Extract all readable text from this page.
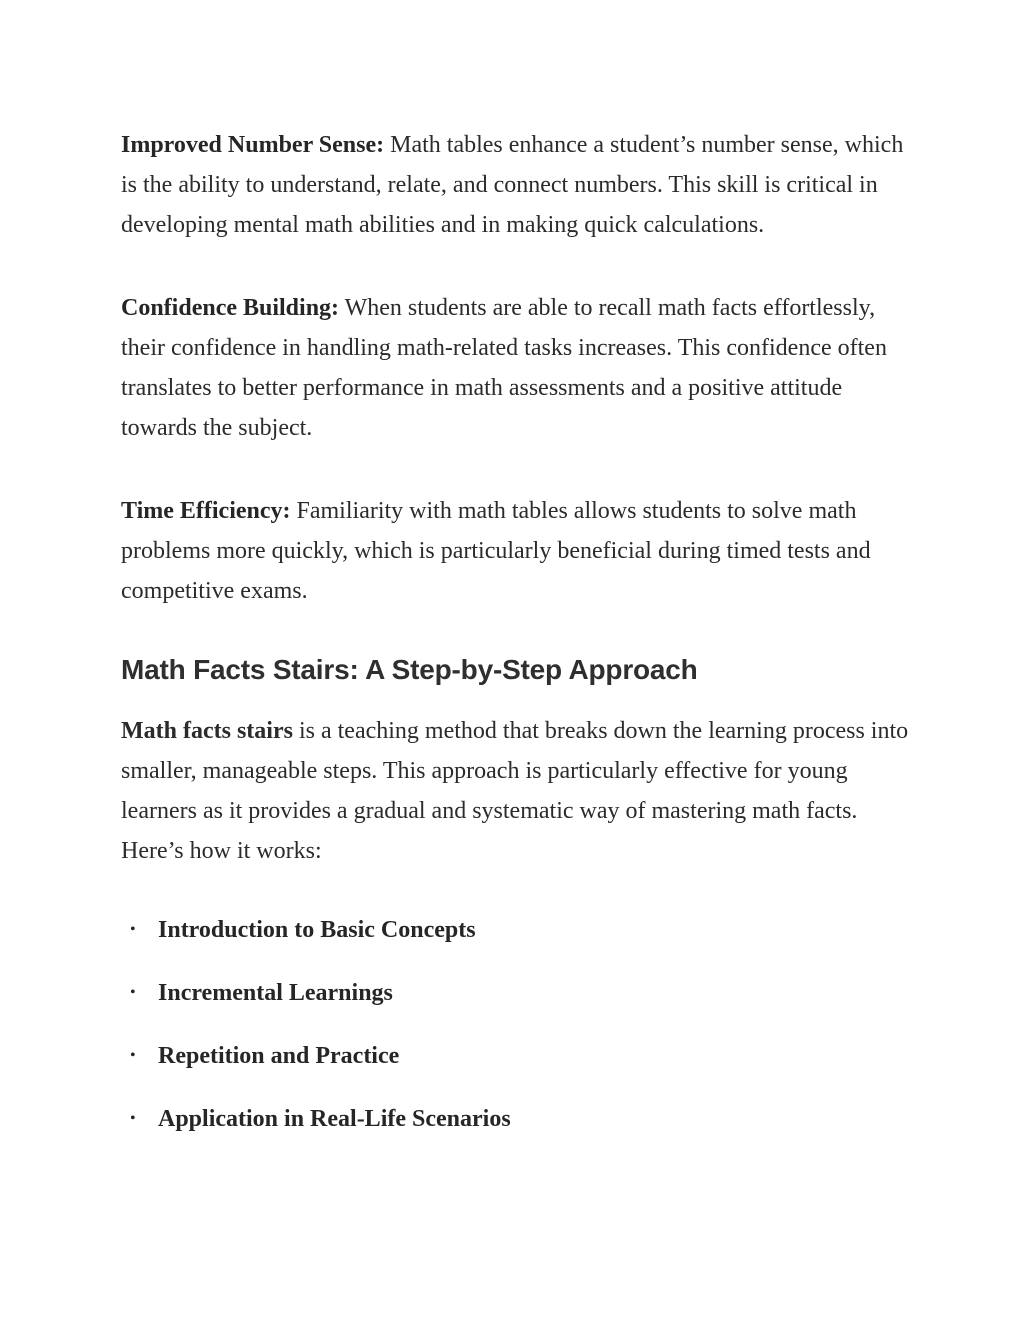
Improved Number Sense: Math tables enhance a student’s number sense, which is the ability to understand, relate, and connect numbers. This skill is critical in developing mental math abilities and in making quick calculations.

Confidence Building: When students are able to recall math facts effortlessly, their confidence in handling math-related tasks increases. This confidence often translates to better performance in math assessments and a positive attitude towards the subject.

Time Efficiency: Familiarity with math tables allows students to solve math problems more quickly, which is particularly beneficial during timed tests and competitive exams.

Math Facts Stairs: A Step-by-Step Approach

Math facts stairs is a teaching method that breaks down the learning process into smaller, manageable steps. This approach is particularly effective for young learners as it provides a gradual and systematic way of mastering math facts. Here’s how it works:

• Introduction to Basic Concepts
• Incremental Learnings
• Repetition and Practice
• Application in Real-Life Scenarios
